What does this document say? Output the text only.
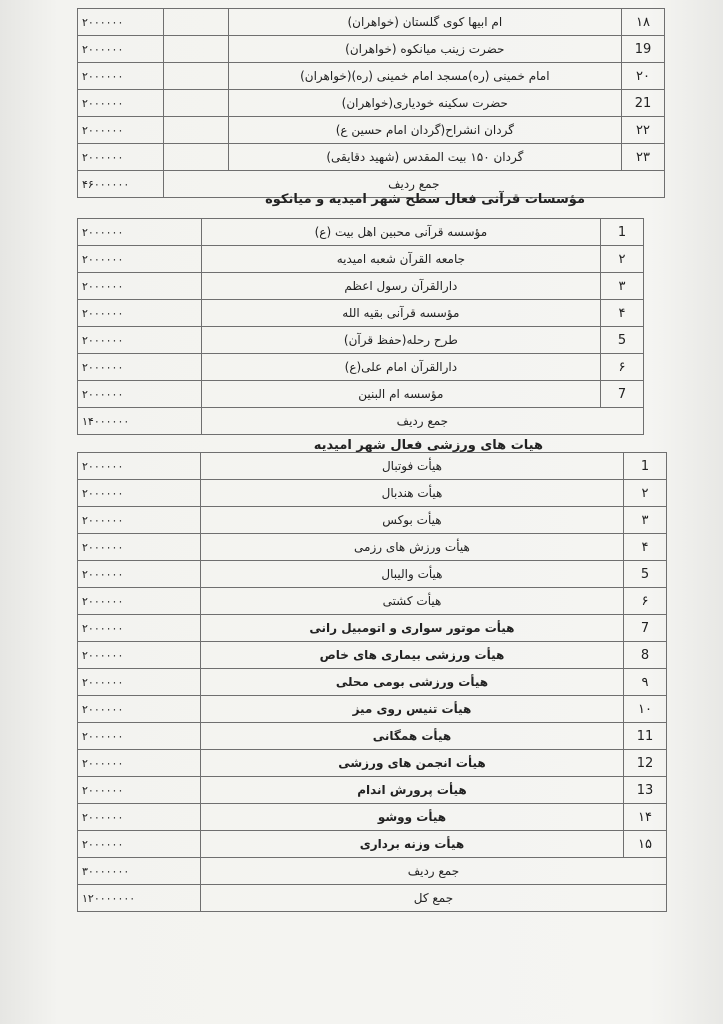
۱۸	ام ابیها کوی گلستان (خواهران)		۲۰۰۰۰۰۰
19	حضرت زینب میانکوه (خواهران)		۲۰۰۰۰۰۰
۲۰	امام خمینی (ره)مسجد امام خمینی (ره)(خواهران)		۲۰۰۰۰۰۰
21	حضرت سکینه خودیاری(خواهران)		۲۰۰۰۰۰۰
۲۲	گردان انشراح(گردان امام حسین ع)		۲۰۰۰۰۰۰
۲۳	گردان ۱۵۰ بیت المقدس (شهید دقایقی)		۲۰۰۰۰۰۰
جمع ردیف			۴۶۰۰۰۰۰۰
مؤسسات قرآنی فعال سطح شهر امیدیه و میانکوه
1	مؤسسه قرآنی محبین اهل بیت (ع)	۲۰۰۰۰۰۰
۲	جامعه القرآن شعبه امیدیه	۲۰۰۰۰۰۰
۳	دارالقرآن رسول اعظم	۲۰۰۰۰۰۰
۴	مؤسسه قرآنی بقیه الله	۲۰۰۰۰۰۰
5	طرح رحله(حفظ قرآن)	۲۰۰۰۰۰۰
۶	دارالقرآن امام علی(ع)	۲۰۰۰۰۰۰
7	مؤسسه ام البنین	۲۰۰۰۰۰۰
جمع ردیف		۱۴۰۰۰۰۰۰
هیات های ورزشی فعال شهر امیدیه
1	هیأت فوتبال	۲۰۰۰۰۰۰
۲	هیأت هندبال	۲۰۰۰۰۰۰
۳	هیأت بوکس	۲۰۰۰۰۰۰
۴	هیأت ورزش های رزمی	۲۰۰۰۰۰۰
5	هیأت والیبال	۲۰۰۰۰۰۰
۶	هیأت کشتی	۲۰۰۰۰۰۰
7	هیأت موتور سواری و اتومبیل رانی	۲۰۰۰۰۰۰
8	هیأت ورزشی بیماری های خاص	۲۰۰۰۰۰۰
۹	هیأت ورزشی بومی محلی	۲۰۰۰۰۰۰
۱۰	هیأت تنیس روی میز	۲۰۰۰۰۰۰
11	هیأت همگانی	۲۰۰۰۰۰۰
12	هیأت انجمن های ورزشی	۲۰۰۰۰۰۰
13	هیأت پرورش اندام	۲۰۰۰۰۰۰
۱۴	هیأت ووشو	۲۰۰۰۰۰۰
۱۵	هیأت وزنه برداری	۲۰۰۰۰۰۰
جمع ردیف		۳۰۰۰۰۰۰۰
جمع کل		۱۲۰۰۰۰۰۰۰
